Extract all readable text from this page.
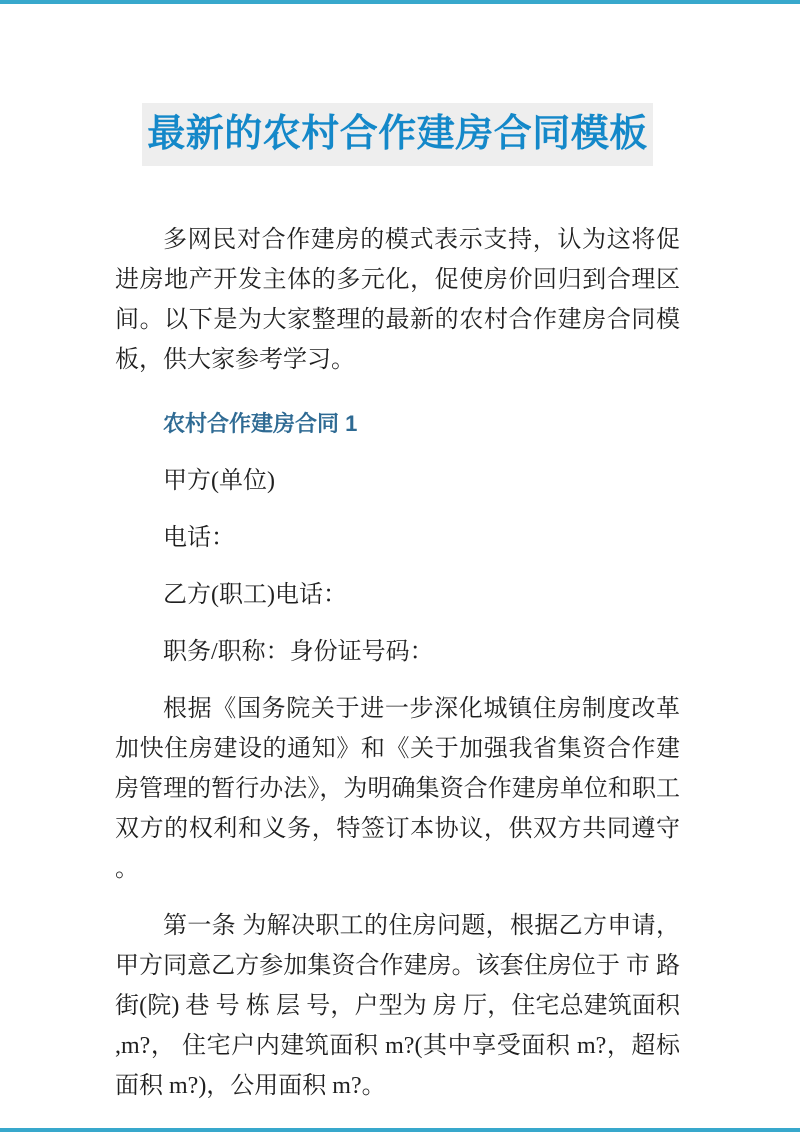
最新的农村合作建房合同模板

多网民对合作建房的模式表示支持，认为这将促进房地产开发主体的多元化，促使房价回归到合理区间。以下是为大家整理的最新的农村合作建房合同模板，供大家参考学习。

农村合作建房合同 1

甲方(单位)

电话：

乙方(职工)电话：

职务/职称：身份证号码：

根据《国务院关于进一步深化城镇住房制度改革加快住房建设的通知》和《关于加强我省集资合作建房管理的暂行办法》，为明确集资合作建房单位和职工双方的权利和义务，特签订本协议，供双方共同遵守。

第一条 为解决职工的住房问题，根据乙方申请，甲方同意乙方参加集资合作建房。该套住房位于 市 路 街(院) 巷 号 栋 层 号，户型为 房 厅，住宅总建筑面积 ,m?， 住宅户内建筑面积 m?(其中享受面积 m?，超标面积 m?)，公用面积 m?。
